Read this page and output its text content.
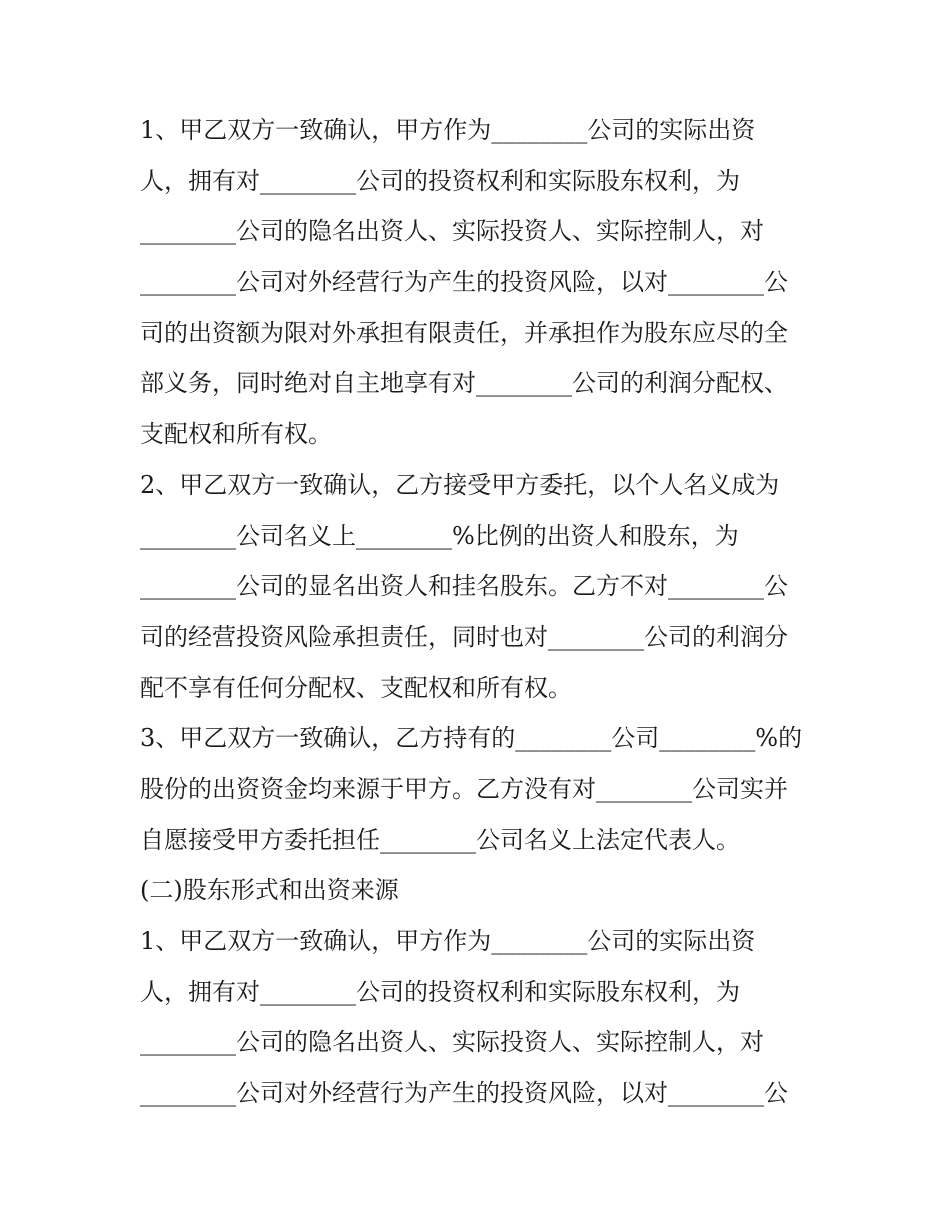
1、甲乙双方一致确认，甲方作为________公司的实际出资
人，拥有对________公司的投资权利和实际股东权利，为
________公司的隐名出资人、实际投资人、实际控制人，对
________公司对外经营行为产生的投资风险，以对________公
司的出资额为限对外承担有限责任，并承担作为股东应尽的全
部义务，同时绝对自主地享有对________公司的利润分配权、
支配权和所有权。
2、甲乙双方一致确认，乙方接受甲方委托，以个人名义成为
________公司名义上________%比例的出资人和股东，为
________公司的显名出资人和挂名股东。乙方不对________公
司的经营投资风险承担责任，同时也对________公司的利润分
配不享有任何分配权、支配权和所有权。
3、甲乙双方一致确认，乙方持有的________公司________%的
股份的出资资金均来源于甲方。乙方没有对________公司实并
自愿接受甲方委托担任________公司名义上法定代表人。
(二)股东形式和出资来源
1、甲乙双方一致确认，甲方作为________公司的实际出资
人，拥有对________公司的投资权利和实际股东权利，为
________公司的隐名出资人、实际投资人、实际控制人，对
________公司对外经营行为产生的投资风险，以对________公
